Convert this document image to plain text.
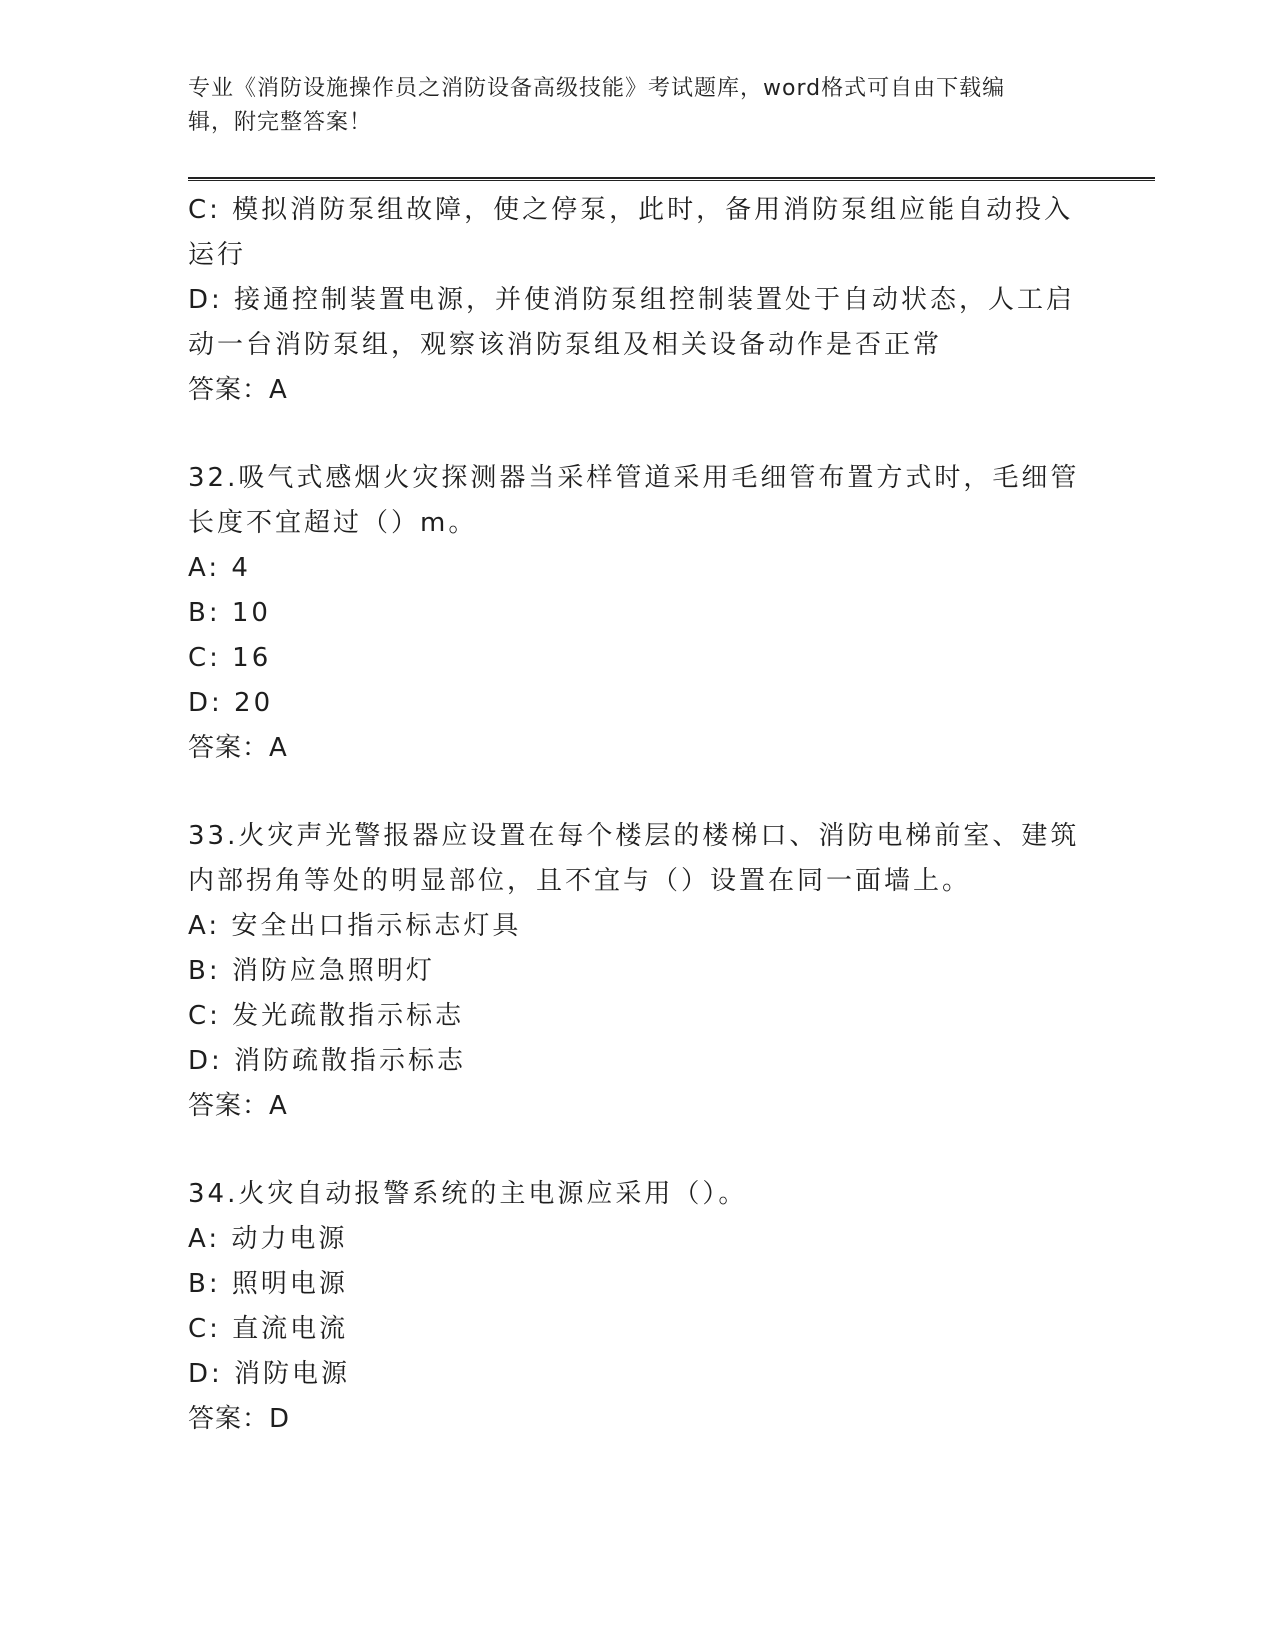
专业《消防设施操作员之消防设备高级技能》考试题库，word格式可自由下载编
辑，附完整答案！
C: 模拟消防泵组故障，使之停泵，此时，备用消防泵组应能自动投入
运行
D: 接通控制装置电源，并使消防泵组控制装置处于自动状态，人工启
动一台消防泵组，观察该消防泵组及相关设备动作是否正常
答案：A
32.吸气式感烟火灾探测器当采样管道采用毛细管布置方式时，毛细管
长度不宜超过（）m。
A: 4
B: 10
C: 16
D: 20
答案：A
33.火灾声光警报器应设置在每个楼层的楼梯口、消防电梯前室、建筑
内部拐角等处的明显部位，且不宜与（）设置在同一面墙上。
A: 安全出口指示标志灯具
B: 消防应急照明灯
C: 发光疏散指示标志
D: 消防疏散指示标志
答案：A
34.火灾自动报警系统的主电源应采用（）。
A: 动力电源
B: 照明电源
C: 直流电流
D: 消防电源
答案：D
